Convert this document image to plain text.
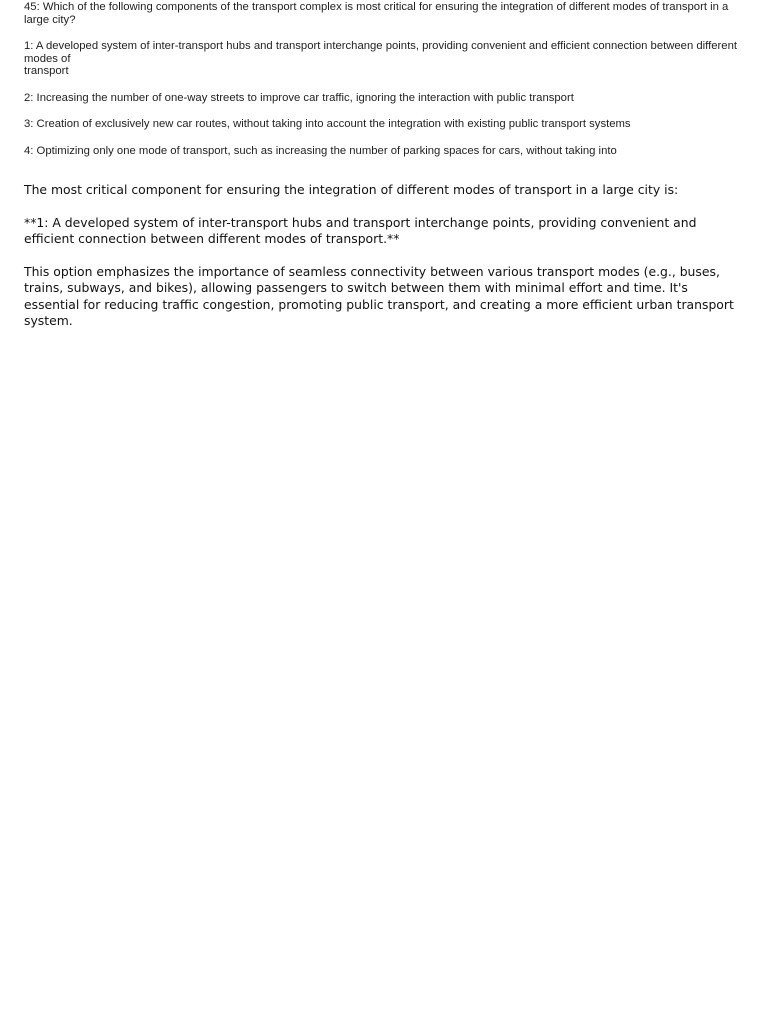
45: Which of the following components of the transport complex is most critical for ensuring the integration of different modes of transport in a large city?

1: A developed system of inter-transport hubs and transport interchange points, providing convenient and efficient connection between different modes of
transport

2: Increasing the number of one-way streets to improve car traffic, ignoring the interaction with public transport

3: Creation of exclusively new car routes, without taking into account the integration with existing public transport systems

4: Optimizing only one mode of transport, such as increasing the number of parking spaces for cars, without taking into

The most critical component for ensuring the integration of different modes of transport in a large city is:

**1: A developed system of inter-transport hubs and transport interchange points, providing convenient and efficient connection between different modes of transport.**

This option emphasizes the importance of seamless connectivity between various transport modes (e.g., buses, trains, subways, and bikes), allowing passengers to switch between them with minimal effort and time. It's essential for reducing traffic congestion, promoting public transport, and creating a more efficient urban transport system.
